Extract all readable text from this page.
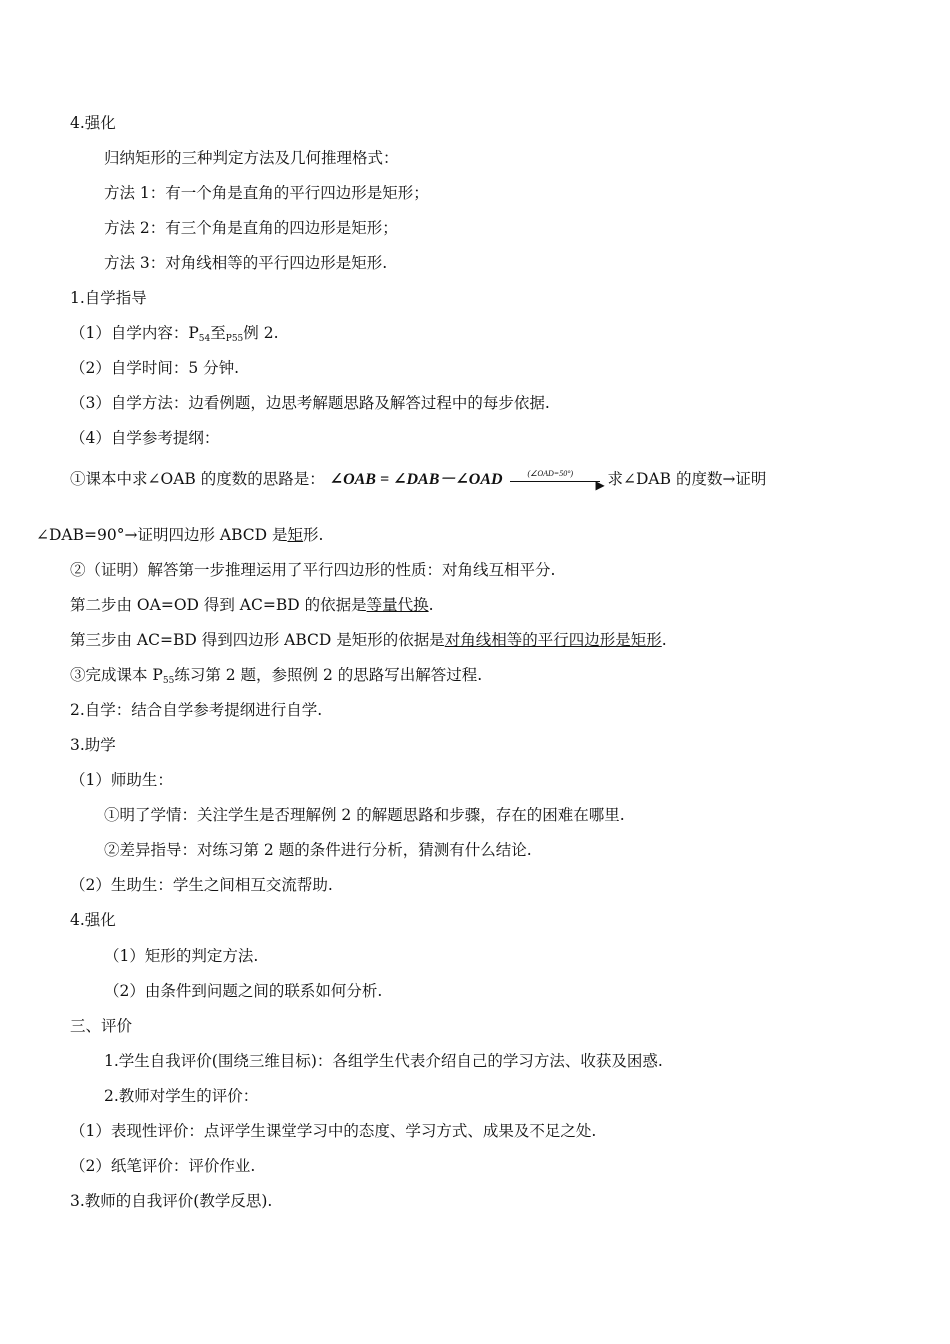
4.强化
归纳矩形的三种判定方法及几何推理格式：
方法 1：有一个角是直角的平行四边形是矩形；
方法 2：有三个角是直角的四边形是矩形；
方法 3：对角线相等的平行四边形是矩形.
1.自学指导
（1）自学内容：$P_{54}$至$_{P55}$例 2.
（2）自学时间：5 分钟.
（3）自学方法：边看例题，边思考解题思路及解答过程中的每步依据.
（4）自学参考提纲：
①课本中求∠OAB 的度数的思路是： ∠OAB = ∠DAB－∠OAD	(∠OAD=50°)
▶ 求∠DAB 的度数→证明
∠DAB=90°→证明四边形 ABCD 是矩形.
②（证明）解答第一步推理运用了平行四边形的性质：对角线互相平分.
第二步由 OA=OD 得到 AC=BD 的依据是等量代换.
第三步由 AC=BD 得到四边形 ABCD 是矩形的依据是对角线相等的平行四边形是矩形.
③完成课本 $P_{55}$练习第 2 题，参照例 2 的思路写出解答过程.
2.自学：结合自学参考提纲进行自学.
3.助学
（1）师助生：
①明了学情：关注学生是否理解例 2 的解题思路和步骤，存在的困难在哪里.
②差异指导：对练习第 2 题的条件进行分析，猜测有什么结论.
（2）生助生：学生之间相互交流帮助.
4.强化
（1）矩形的判定方法.
（2）由条件到问题之间的联系如何分析.
三、评价
1.学生自我评价(围绕三维目标)：各组学生代表介绍自己的学习方法、收获及困惑.
2.教师对学生的评价：
（1）表现性评价：点评学生课堂学习中的态度、学习方式、成果及不足之处.
（2）纸笔评价：评价作业.
3.教师的自我评价(教学反思).
